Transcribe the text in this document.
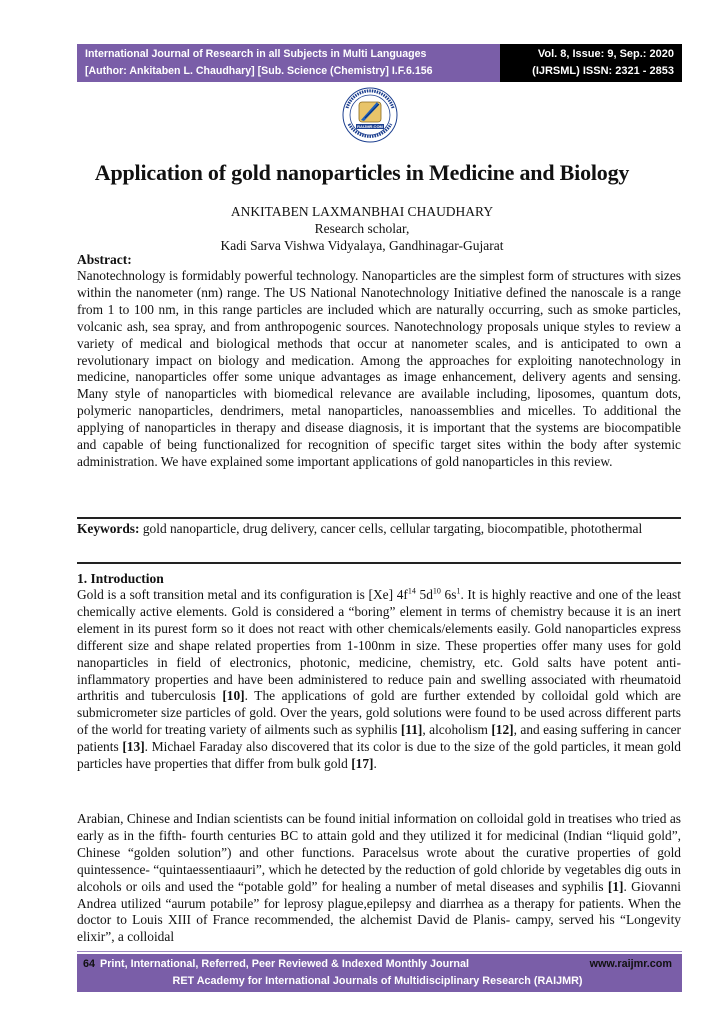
International Journal of Research in all Subjects in Multi Languages
[Author: Ankitaben L. Chaudhary] [Sub. Science (Chemistry] I.F.6.156
Vol. 8, Issue: 9, Sep.: 2020
(IJRSML) ISSN: 2321 - 2853
RAIJMR.COM
Application of gold nanoparticles in Medicine and Biology
ANKITABEN LAXMANBHAI CHAUDHARY
Research scholar,
Kadi Sarva Vishwa Vidyalaya, Gandhinagar-Gujarat
Abstract:
Nanotechnology is formidably powerful technology. Nanoparticles are the simplest form of structures with sizes within the nanometer (nm) range. The US National Nanotechnology Initiative defined the nanoscale is a range from 1 to 100 nm, in this range particles are included which are naturally occurring, such as smoke particles, volcanic ash, sea spray, and from anthropogenic sources. Nanotechnology proposals unique styles to review a variety of medical and biological methods that occur at nanometer scales, and is anticipated to own a revolutionary impact on biology and medication. Among the approaches for exploiting nanotechnology in medicine, nanoparticles offer some unique advantages as image enhancement, delivery agents and sensing. Many style of nanoparticles with biomedical relevance are available including, liposomes, quantum dots, polymeric nanoparticles, dendrimers, metal nanoparticles, nanoassemblies and micelles. To additional the applying of nanoparticles in therapy and disease diagnosis, it is important that the systems are biocompatible and capable of being functionalized for recognition of specific target sites within the body after systemic administration. We have explained some important applications of gold nanoparticles in this review.
Keywords: gold nanoparticle, drug delivery, cancer cells, cellular targating, biocompatible, photothermal
1. Introduction
Gold is a soft transition metal and its configuration is [Xe] $4f^{14}$ $5d^{10}$ $6s^1$. It is highly reactive and one of the least chemically active elements. Gold is considered a “boring” element in terms of chemistry because it is an inert element in its purest form so it does not react with other chemicals/elements easily. Gold nanoparticles express different size and shape related properties from 1-100nm in size. These properties offer many uses for gold nanoparticles in field of electronics, photonic, medicine, chemistry, etc. Gold salts have potent anti-inflammatory properties and have been administered to reduce pain and swelling associated with rheumatoid arthritis and tuberculosis [10]. The applications of gold are further extended by colloidal gold which are submicrometer size particles of gold. Over the years, gold solutions were found to be used across different parts of the world for treating variety of ailments such as syphilis [11], alcoholism [12], and easing suffering in cancer patients [13]. Michael Faraday also discovered that its color is due to the size of the gold particles, it mean gold particles have properties that differ from bulk gold [17].
Arabian, Chinese and Indian scientists can be found initial information on colloidal gold in treatises who tried as early as in the fifth- fourth centuries BC to attain gold and they utilized it for medicinal (Indian “liquid gold”, Chinese “golden solution”) and other functions. Paracelsus wrote about the curative properties of gold quintessence- “quintaessentiaauri”, which he detected by the reduction of gold chloride by vegetables dig outs in alcohols or oils and used the “potable gold” for healing a number of metal diseases and syphilis [1]. Giovanni Andrea utilized “aurum potabile” for leprosy plague,epilepsy and diarrhea as a therapy for patients. When the doctor to Louis XIII of France recommended, the alchemist David de Planis- campy, served his “Longevity elixir”, a colloidal
64 Print, International, Referred, Peer Reviewed & Indexed Monthly Journal	www.raijmr.com
RET Academy for International Journals of Multidisciplinary Research (RAIJMR)
